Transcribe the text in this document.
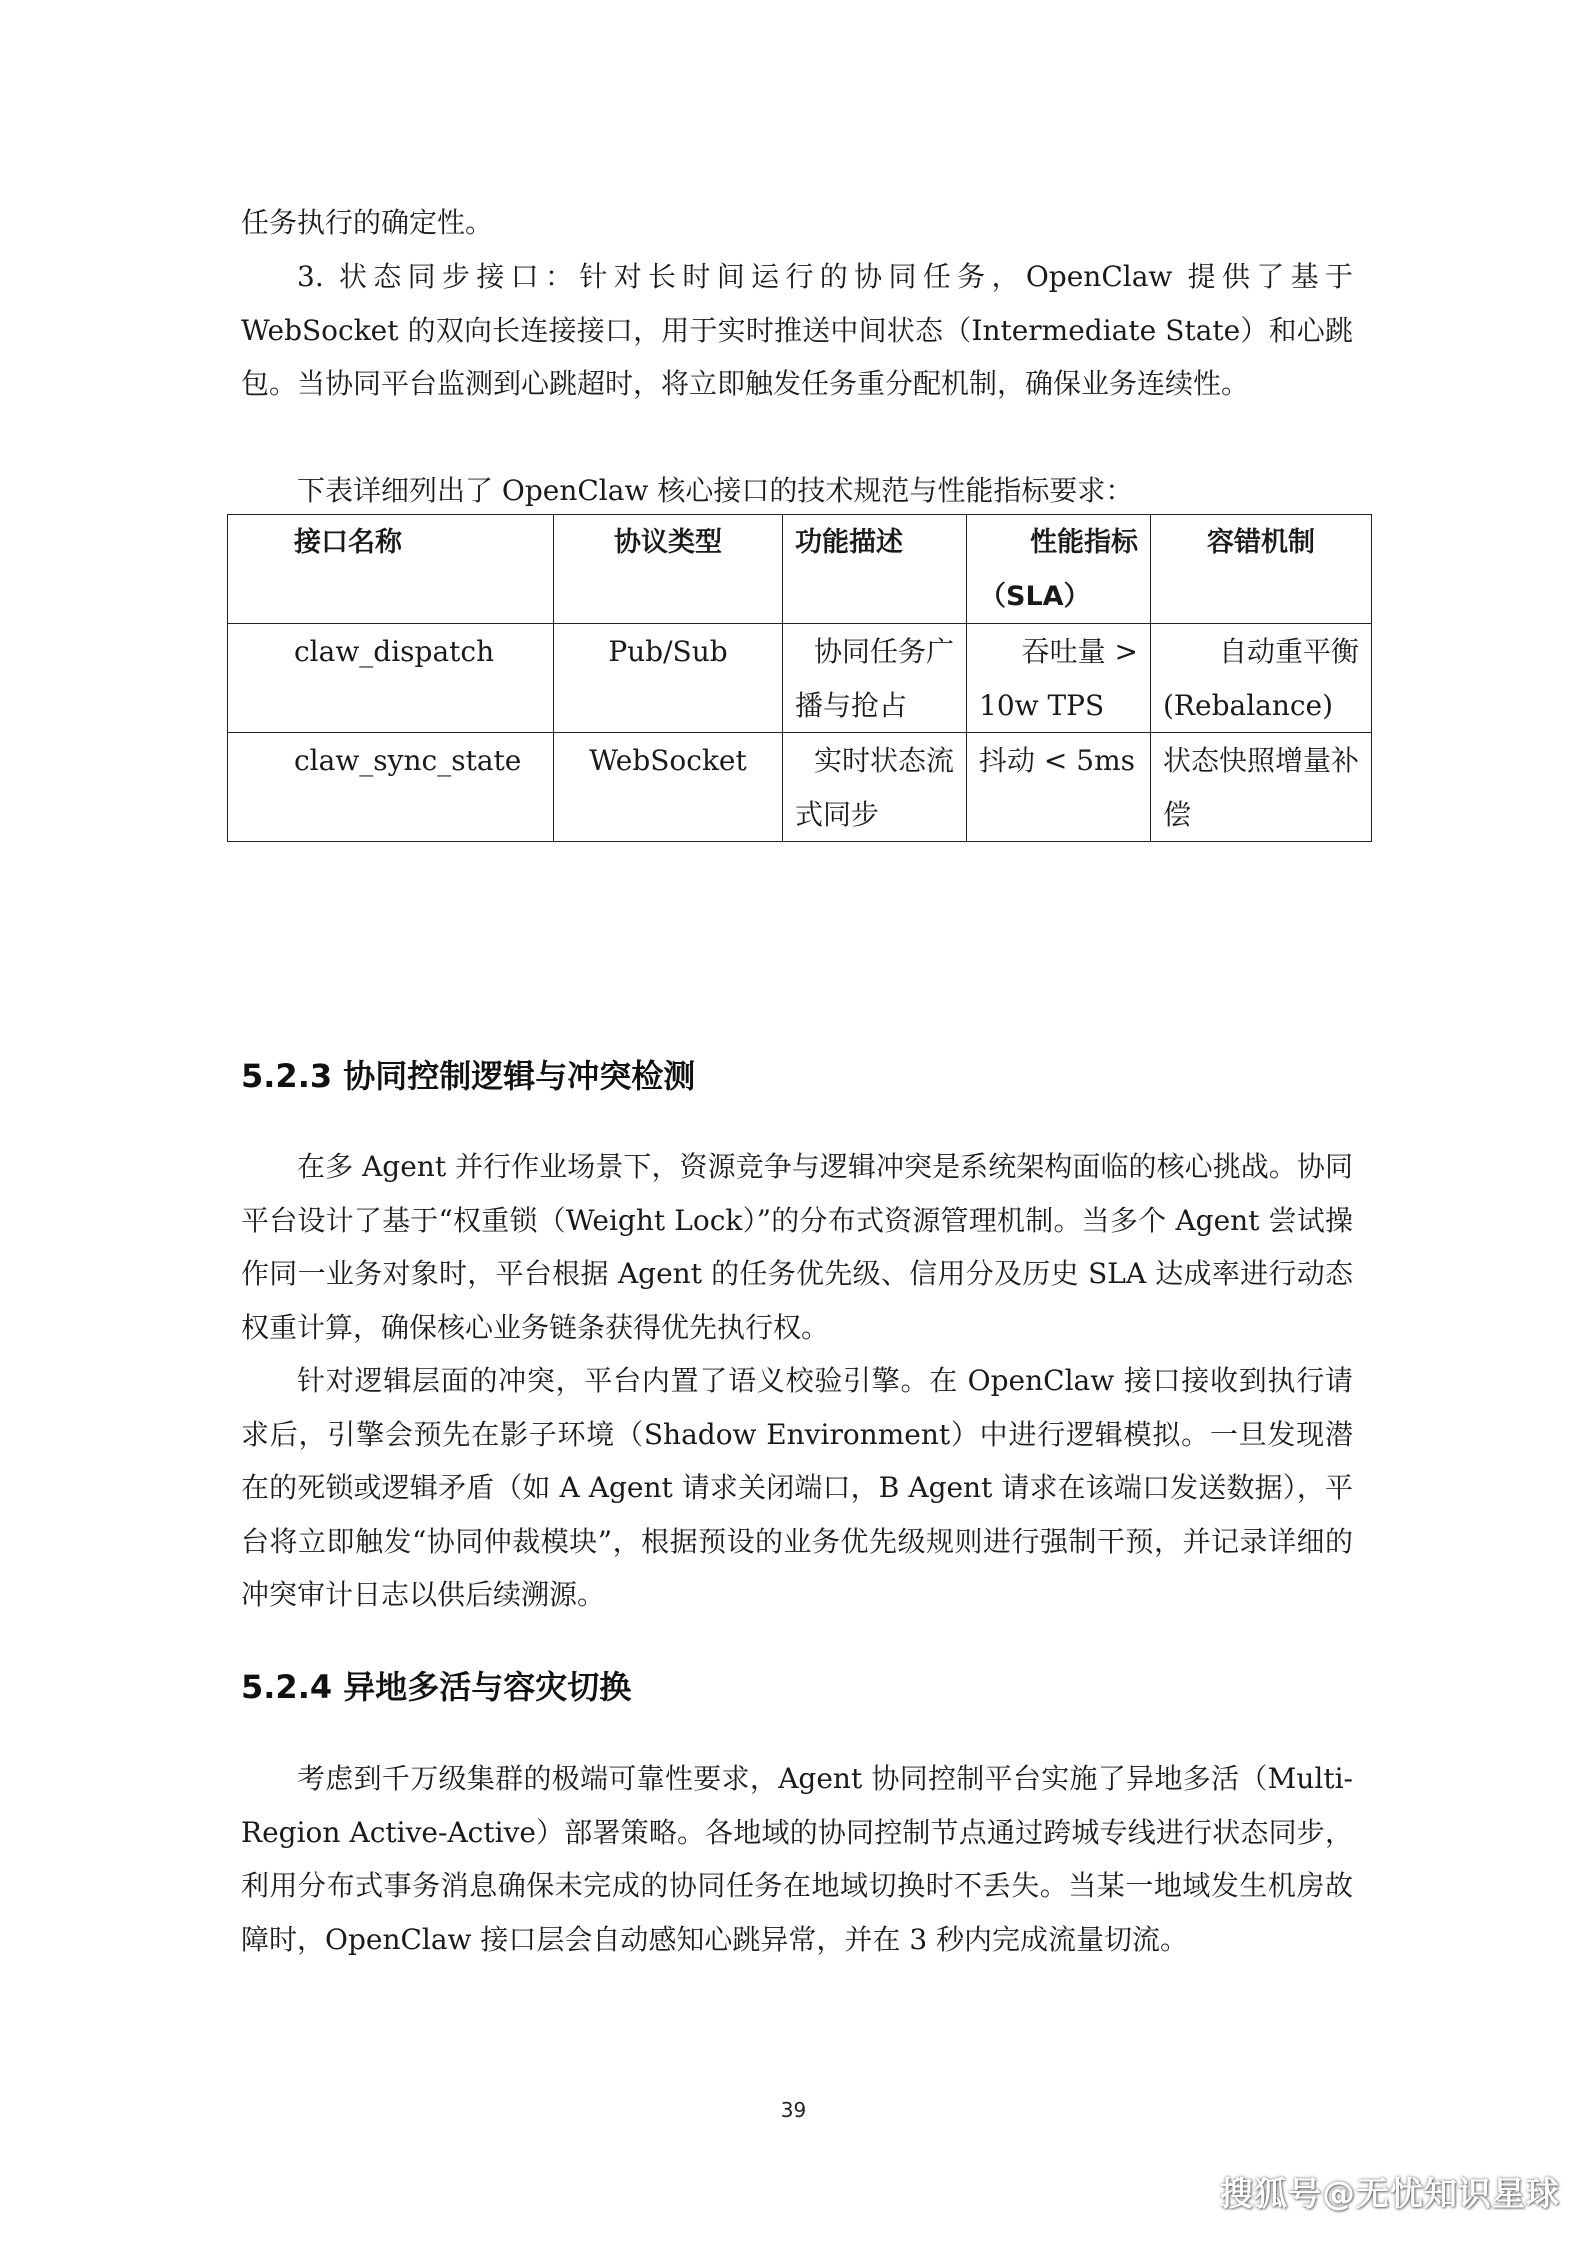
任务执行的确定性。

3. 状态同步接口：针对长时间运行的协同任务，OpenClaw 提供了基于 WebSocket 的双向长连接接口，用于实时推送中间状态（Intermediate State）和心跳包。当协同平台监测到心跳超时，将立即触发任务重分配机制，确保业务连续性。

下表详细列出了 OpenClaw 核心接口的技术规范与性能指标要求：

接口名称	协议类型	功能描述	性能指标（SLA）	容错机制
claw_dispatch	Pub/Sub	协同任务广播与抢占	吞吐量 > 10w TPS	自动重平衡 (Rebalance)
claw_sync_state	WebSocket	实时状态流式同步	抖动 < 5ms	状态快照增量补偿
5.2.3 协同控制逻辑与冲突检测

在多 Agent 并行作业场景下，资源竞争与逻辑冲突是系统架构面临的核心挑战。协同平台设计了基于“权重锁（Weight Lock）”的分布式资源管理机制。当多个 Agent 尝试操作同一业务对象时，平台根据 Agent 的任务优先级、信用分及历史 SLA 达成率进行动态权重计算，确保核心业务链条获得优先执行权。

针对逻辑层面的冲突，平台内置了语义校验引擎。在 OpenClaw 接口接收到执行请求后，引擎会预先在影子环境（Shadow Environment）中进行逻辑模拟。一旦发现潜在的死锁或逻辑矛盾（如 A Agent 请求关闭端口，B Agent 请求在该端口发送数据），平台将立即触发“协同仲裁模块”，根据预设的业务优先级规则进行强制干预，并记录详细的冲突审计日志以供后续溯源。

5.2.4 异地多活与容灾切换

考虑到千万级集群的极端可靠性要求，Agent 协同控制平台实施了异地多活（Multi-Region Active-Active）部署策略。各地域的协同控制节点通过跨城专线进行状态同步，利用分布式事务消息确保未完成的协同任务在地域切换时不丢失。当某一地域发生机房故障时，OpenClaw 接口层会自动感知心跳异常，并在 3 秒内完成流量切流。

39
搜狐号@无忧知识星球
